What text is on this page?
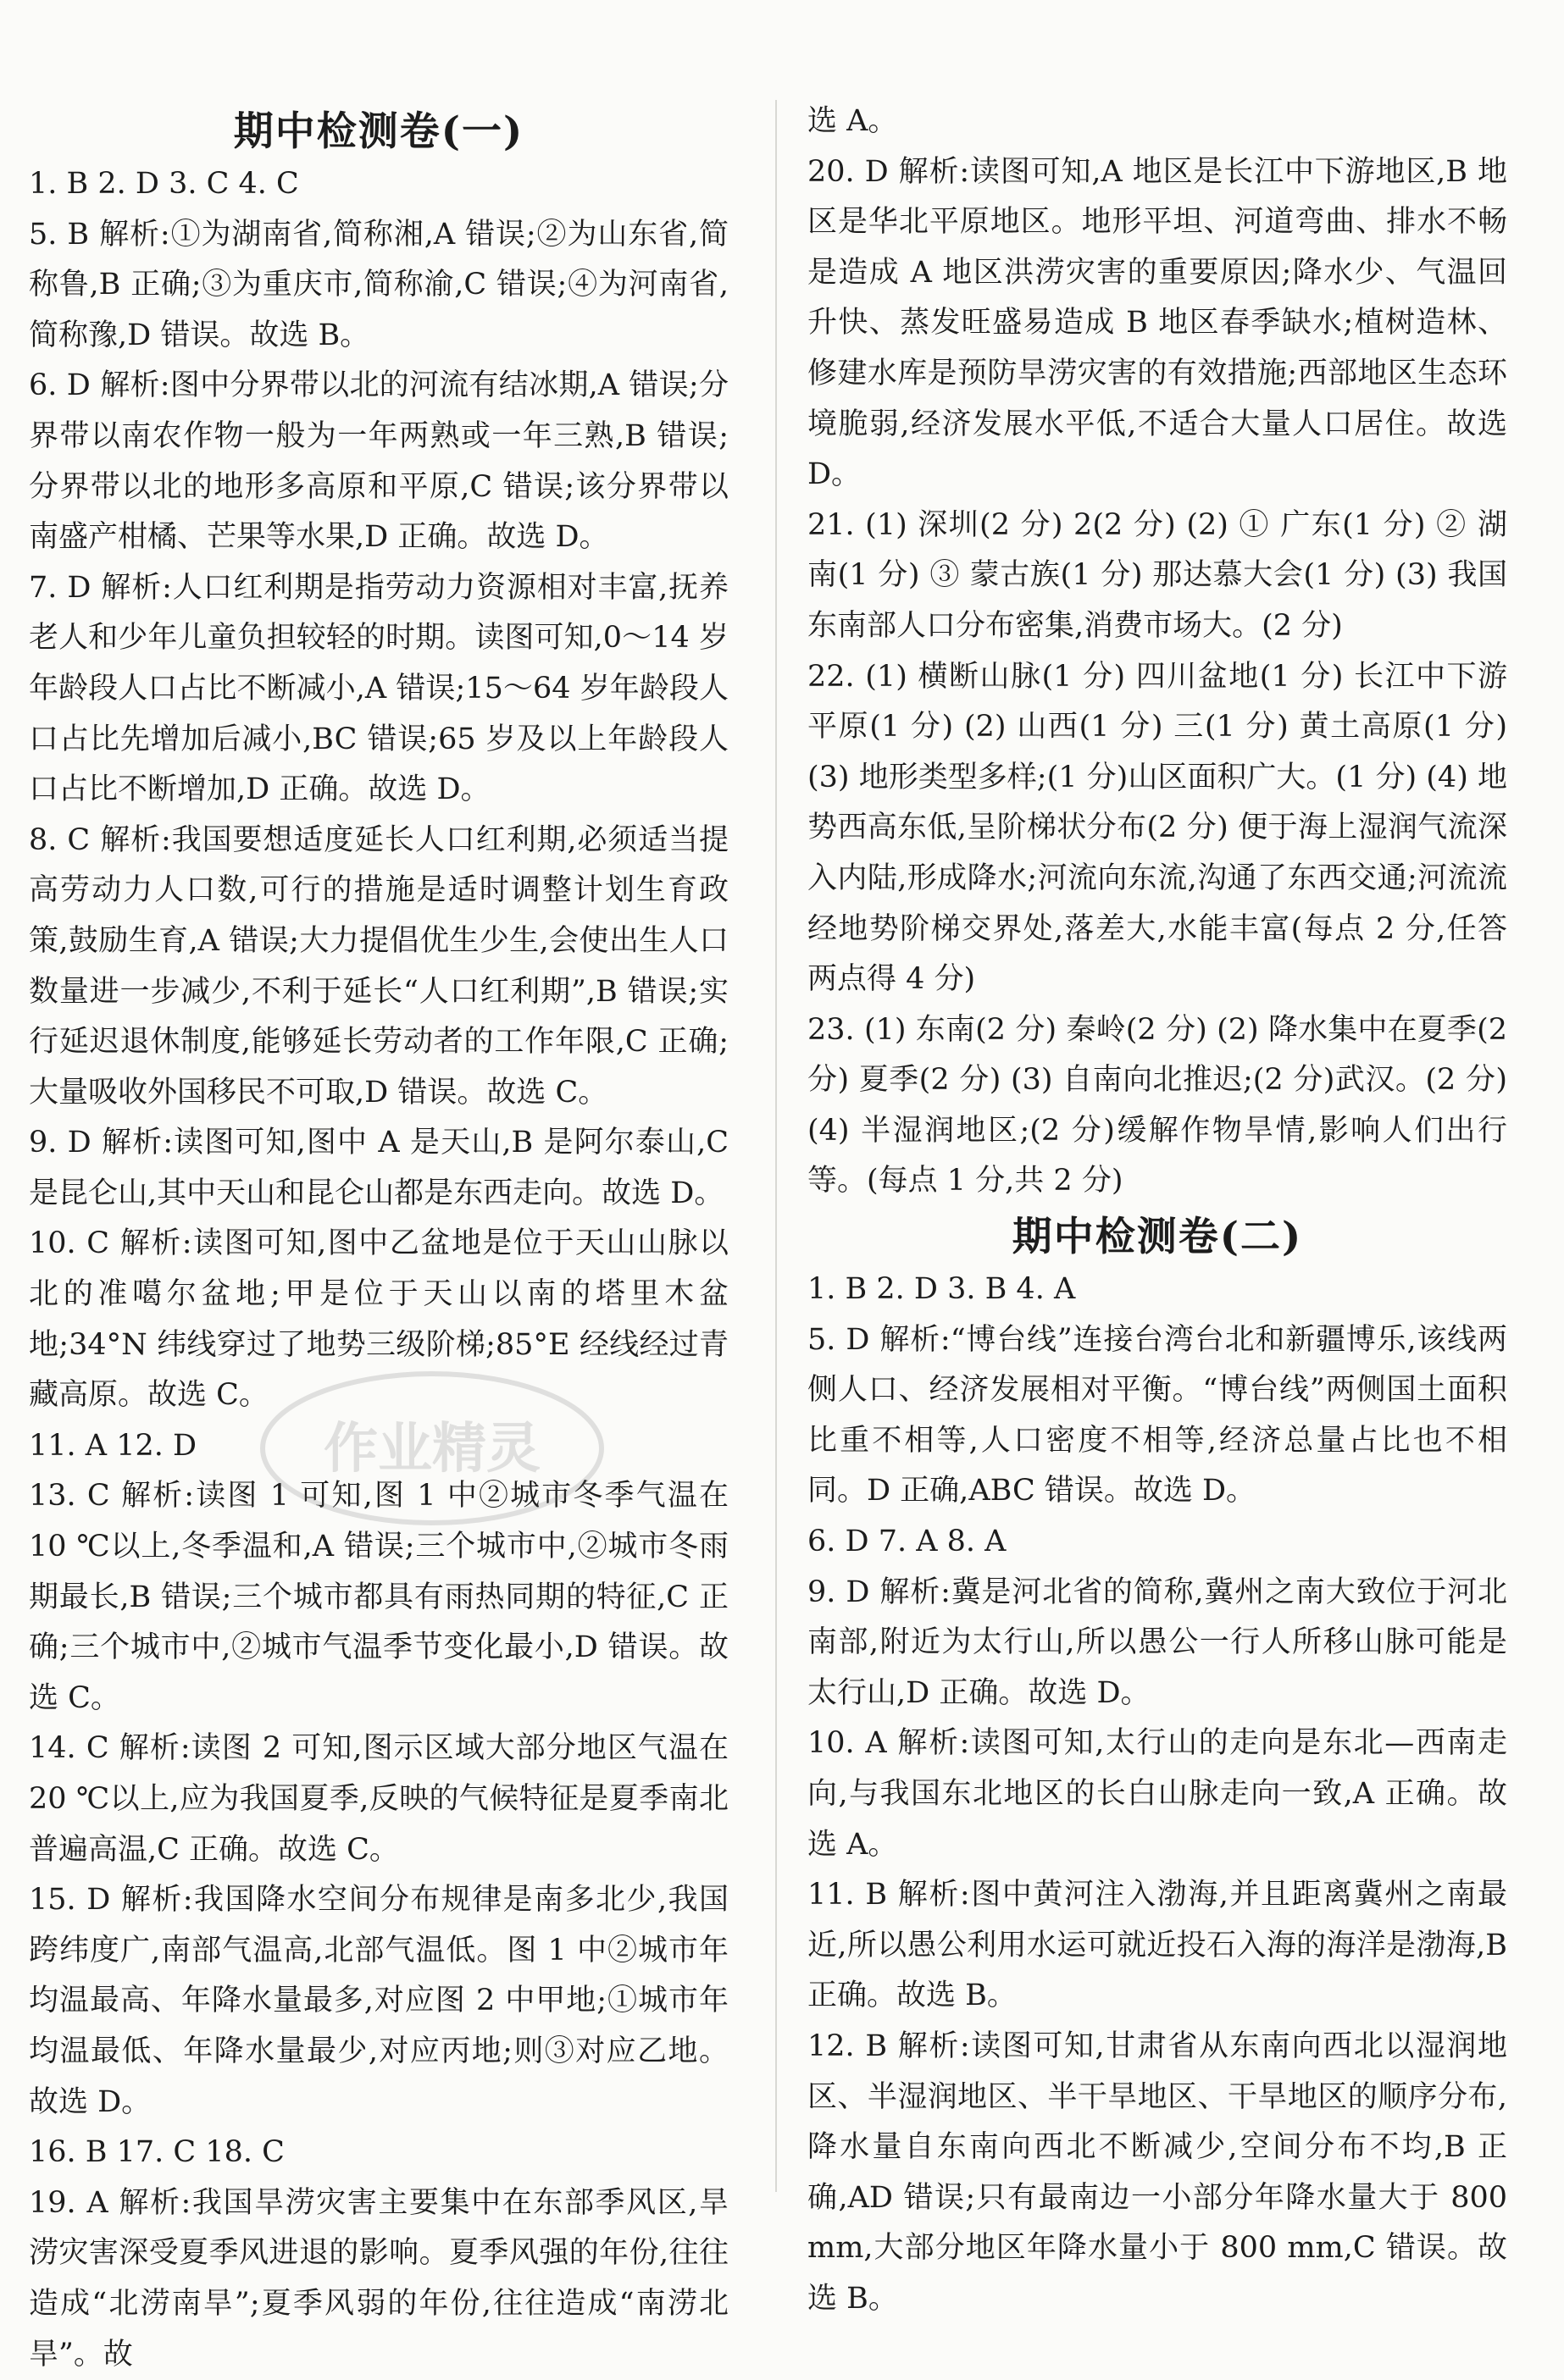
期中检测卷(一)

1. B 2. D 3. C 4. C

5. B 解析:①为湖南省,简称湘,A 错误;②为山东省,简称鲁,B 正确;③为重庆市,简称渝,C 错误;④为河南省,简称豫,D 错误。故选 B。

6. D 解析:图中分界带以北的河流有结冰期,A 错误;分界带以南农作物一般为一年两熟或一年三熟,B 错误;分界带以北的地形多高原和平原,C 错误;该分界带以南盛产柑橘、芒果等水果,D 正确。故选 D。

7. D 解析:人口红利期是指劳动力资源相对丰富,抚养老人和少年儿童负担较轻的时期。读图可知,0～14 岁年龄段人口占比不断减小,A 错误;15～64 岁年龄段人口占比先增加后减小,BC 错误;65 岁及以上年龄段人口占比不断增加,D 正确。故选 D。

8. C 解析:我国要想适度延长人口红利期,必须适当提高劳动力人口数,可行的措施是适时调整计划生育政策,鼓励生育,A 错误;大力提倡优生少生,会使出生人口数量进一步减少,不利于延长“人口红利期”,B 错误;实行延迟退休制度,能够延长劳动者的工作年限,C 正确;大量吸收外国移民不可取,D 错误。故选 C。

9. D 解析:读图可知,图中 A 是天山,B 是阿尔泰山,C 是昆仑山,其中天山和昆仑山都是东西走向。故选 D。

10. C 解析:读图可知,图中乙盆地是位于天山山脉以北的准噶尔盆地;甲是位于天山以南的塔里木盆地;34°N 纬线穿过了地势三级阶梯;85°E 经线经过青藏高原。故选 C。

11. A 12. D

13. C 解析:读图 1 可知,图 1 中②城市冬季气温在 10 ℃以上,冬季温和,A 错误;三个城市中,②城市冬雨期最长,B 错误;三个城市都具有雨热同期的特征,C 正确;三个城市中,②城市气温季节变化最小,D 错误。故选 C。

14. C 解析:读图 2 可知,图示区域大部分地区气温在 20 ℃以上,应为我国夏季,反映的气候特征是夏季南北普遍高温,C 正确。故选 C。

15. D 解析:我国降水空间分布规律是南多北少,我国跨纬度广,南部气温高,北部气温低。图 1 中②城市年均温最高、年降水量最多,对应图 2 中甲地;①城市年均温最低、年降水量最少,对应丙地;则③对应乙地。故选 D。

16. B 17. C 18. C

19. A 解析:我国旱涝灾害主要集中在东部季风区,旱涝灾害深受夏季风进退的影响。夏季风强的年份,往往造成“北涝南旱”;夏季风弱的年份,往往造成“南涝北旱”。故

选 A。

20. D 解析:读图可知,A 地区是长江中下游地区,B 地区是华北平原地区。地形平坦、河道弯曲、排水不畅是造成 A 地区洪涝灾害的重要原因;降水少、气温回升快、蒸发旺盛易造成 B 地区春季缺水;植树造林、修建水库是预防旱涝灾害的有效措施;西部地区生态环境脆弱,经济发展水平低,不适合大量人口居住。故选 D。

21. (1) 深圳(2 分) 2(2 分) (2) ① 广东(1 分) ② 湖南(1 分) ③ 蒙古族(1 分) 那达慕大会(1 分) (3) 我国东南部人口分布密集,消费市场大。(2 分)

22. (1) 横断山脉(1 分) 四川盆地(1 分) 长江中下游平原(1 分) (2) 山西(1 分) 三(1 分) 黄土高原(1 分) (3) 地形类型多样;(1 分)山区面积广大。(1 分) (4) 地势西高东低,呈阶梯状分布(2 分) 便于海上湿润气流深入内陆,形成降水;河流向东流,沟通了东西交通;河流流经地势阶梯交界处,落差大,水能丰富(每点 2 分,任答两点得 4 分)

23. (1) 东南(2 分) 秦岭(2 分) (2) 降水集中在夏季(2 分) 夏季(2 分) (3) 自南向北推迟;(2 分)武汉。(2 分) (4) 半湿润地区;(2 分)缓解作物旱情,影响人们出行等。(每点 1 分,共 2 分)

期中检测卷(二)

1. B 2. D 3. B 4. A

5. D 解析:“博台线”连接台湾台北和新疆博乐,该线两侧人口、经济发展相对平衡。“博台线”两侧国土面积比重不相等,人口密度不相等,经济总量占比也不相同。D 正确,ABC 错误。故选 D。

6. D 7. A 8. A

9. D 解析:冀是河北省的简称,冀州之南大致位于河北南部,附近为太行山,所以愚公一行人所移山脉可能是太行山,D 正确。故选 D。

10. A 解析:读图可知,太行山的走向是东北—西南走向,与我国东北地区的长白山脉走向一致,A 正确。故选 A。

11. B 解析:图中黄河注入渤海,并且距离冀州之南最近,所以愚公利用水运可就近投石入海的海洋是渤海,B 正确。故选 B。

12. B 解析:读图可知,甘肃省从东南向西北以湿润地区、半湿润地区、半干旱地区、干旱地区的顺序分布,降水量自东南向西北不断减少,空间分布不均,B 正确,AD 错误;只有最南边一小部分年降水量大于 800 mm,大部分地区年降水量小于 800 mm,C 错误。故选 B。

作业精灵
